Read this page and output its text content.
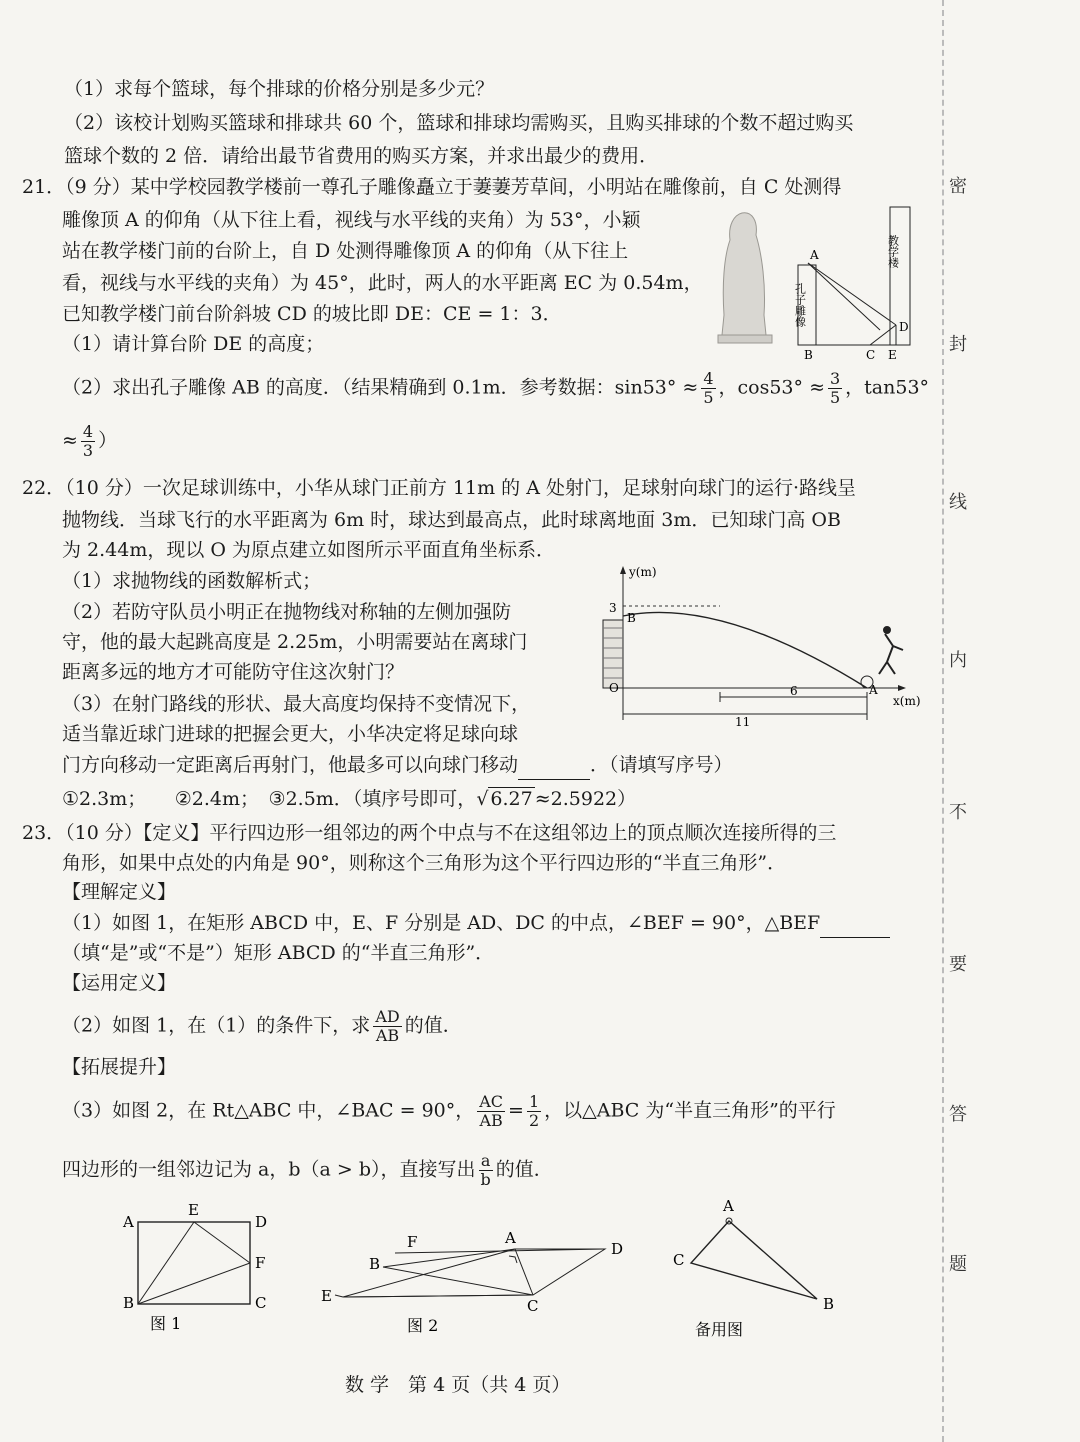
（1）求每个篮球，每个排球的价格分别是多少元？
（2）该校计划购买篮球和排球共 60 个，篮球和排球均需购买，且购买排球的个数不超过购买
篮球个数的 2 倍．请给出最节省费用的购买方案，并求出最少的费用．
21．（9 分）某中学校园教学楼前一尊孔子雕像矗立于萋萋芳草间，小明站在雕像前，自 C 处测得
雕像顶 A 的仰角（从下往上看，视线与水平线的夹角）为 53°，小颖
站在教学楼门前的台阶上，自 D 处测得雕像顶 A 的仰角（从下往上
看，视线与水平线的夹角）为 45°，此时，两人的水平距离 EC 为 0.54m，
已知教学楼门前台阶斜坡 CD 的坡比即 DE：CE = 1：3．
（1）请计算台阶 DE 的高度；
（2）求出孔子雕像 AB 的高度．（结果精确到 0.1m．参考数据：$\sin 53^\circ \approx \frac{4}{5}$ ，$\cos 53^\circ \approx \frac{3}{5}$ ，tan53°
≈ $\frac{4}{3}$ ）
22．（10 分）一次足球训练中，小华从球门正前方 11m 的 A 处射门，足球射向球门的运行·路线呈
抛物线．当球飞行的水平距离为 6m 时，球达到最高点，此时球离地面 3m．已知球门高 OB
为 2.44m，现以 O 为原点建立如图所示平面直角坐标系．
（1）求抛物线的函数解析式；
（2）若防守队员小明正在抛物线对称轴的左侧加强防
守，他的最大起跳高度是 2.25m，小明需要站在离球门
距离多远的地方才可能防守住这次射门？
（3）在射门路线的形状、最大高度均保持不变情况下，
适当靠近球门进球的把握会更大，小华决定将足球向球
门方向移动一定距离后再射门，他最多可以向球门移动	．（请填写序号）
①2.3m；　　②2.4m；　③2.5m．（填序号即可，√ 6.27 ≈2.5922）
23．（10 分）【定义】平行四边形一组邻边的两个中点与不在这组邻边上的顶点顺次连接所得的三
角形，如果中点处的内角是 90°，则称这个三角形为这个平行四边形的“半直三角形”．
【理解定义】
（1）如图 1，在矩形 ABCD 中，E、F 分别是 AD、DC 的中点，∠BEF = 90°，△BEF
（填“是”或“不是”）矩形 ABCD 的“半直三角形”．
【运用定义】
（2）如图 1，在（1）的条件下，求 $\frac{AD}{AB}$ 的值．
【拓展提升】
（3）如图 2，在 Rt△ABC 中，∠BAC = 90°， $\frac{AC}{AB} = \frac{1}{2}$ ，以△ABC 为“半直三角形”的平行
四边形的一组邻边记为 a，b（a > b），直接写出 $\frac{a}{b}$ 的值．
孔子雕像
教学楼
A
B	C
D
E
y(m)
x(m)
3
B
O	A
6
11
A
E
D
F
B	C
图 1
F	A
D
B
E
C
图 2
A
C
B
备用图
数 学　第 4 页（共 4 页）
密
封
线
内
不
要
答
题
